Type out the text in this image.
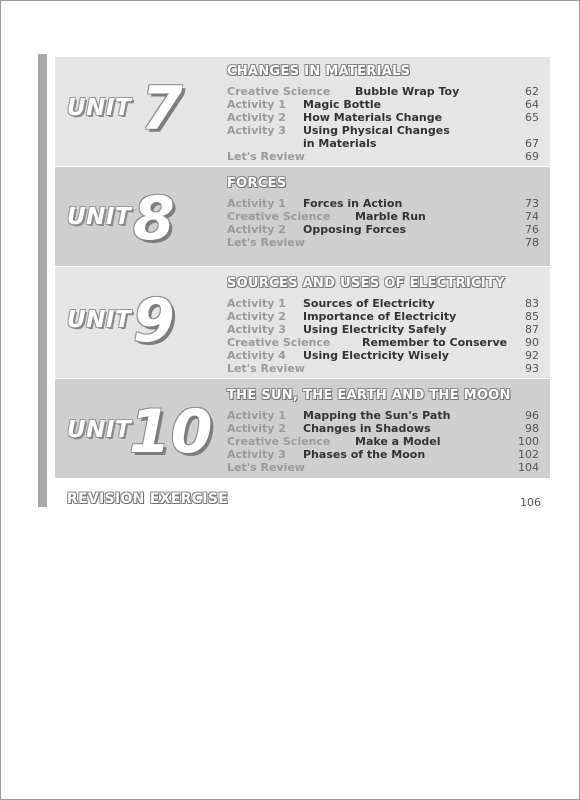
UNIT 7
CHANGES IN MATERIALS
Creative Science Bubble Wrap Toy	62
Activity 1 Magic Bottle	64
Activity 2 How Materials Change	65
Activity 3 Using Physical Changes
in Materials	67
Let's Review	69
UNIT 8
FORCES
Activity 1 Forces in Action	73
Creative Science Marble Run	74
Activity 2 Opposing Forces	76
Let's Review	78
UNIT 9
SOURCES AND USES OF ELECTRICITY
Activity 1 Sources of Electricity	83
Activity 2 Importance of Electricity	85
Activity 3 Using Electricity Safely	87
Creative Science	Remember to Conserve 90
Activity 4 Using Electricity Wisely	92
Let's Review	93
UNIT
10
THE SUN, THE EARTH AND THE MOON
Activity 1 Mapping the Sun's Path	96
Activity 2 Changes in Shadows	98
Creative Science Make a Model	100
Activity 3 Phases of the Moon	102
Let's Review	104
REVISION EXERCISE	106
